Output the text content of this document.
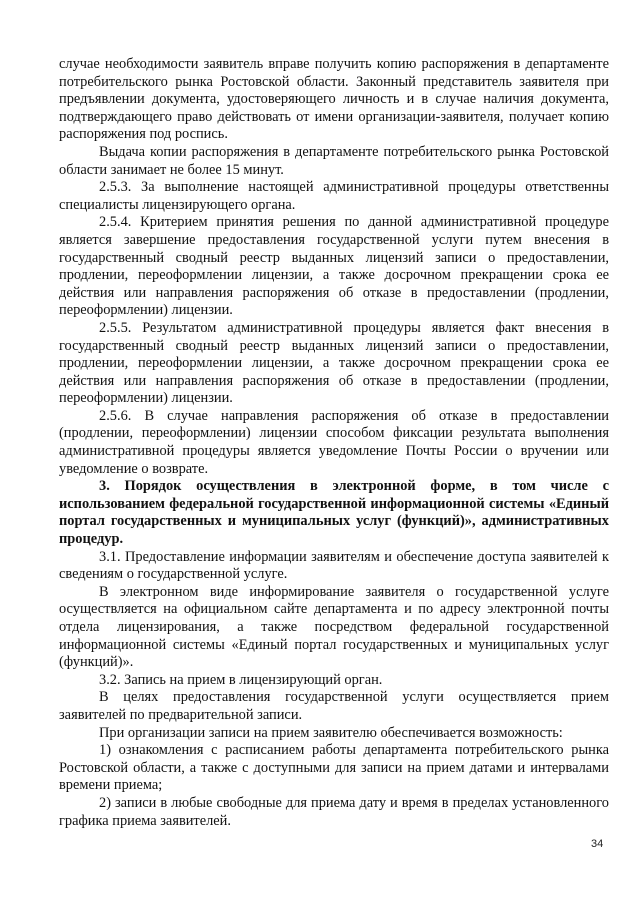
случае необходимости заявитель вправе получить копию распоряжения в департаменте потребительского рынка Ростовской области. Законный представитель заявителя при предъявлении документа, удостоверяющего личность и в случае наличия документа, подтверждающего право действовать от имени организации-заявителя, получает копию распоряжения под роспись.

Выдача копии распоряжения в департаменте потребительского рынка Ростовской области занимает не более 15 минут.

2.5.3. За выполнение настоящей административной процедуры ответственны специалисты лицензирующего органа.

2.5.4. Критерием принятия решения по данной административной процедуре является завершение предоставления государственной услуги путем внесения в государственный сводный реестр выданных лицензий записи о предоставлении, продлении, переоформлении лицензии, а также досрочном прекращении срока ее действия или направления распоряжения об отказе в предоставлении (продлении, переоформлении) лицензии.

2.5.5. Результатом административной процедуры является факт внесения в государственный сводный реестр выданных лицензий записи о предоставлении, продлении, переоформлении лицензии, а также досрочном прекращении срока ее действия или направления распоряжения об отказе в предоставлении (продлении, переоформлении) лицензии.

2.5.6. В случае направления распоряжения об отказе в предоставлении (продлении, переоформлении) лицензии способом фиксации результата выполнения административной процедуры является уведомление Почты России о вручении или уведомление о возврате.

3. Порядок осуществления в электронной форме, в том числе с использованием федеральной государственной информационной системы «Единый портал государственных и муниципальных услуг (функций)», административных процедур.

3.1. Предоставление информации заявителям и обеспечение доступа заявителей к сведениям о государственной услуге.

В электронном виде информирование заявителя о государственной услуге осуществляется на официальном сайте департамента и по адресу электронной почты отдела лицензирования, а также посредством федеральной государственной информационной системы «Единый портал государственных и муниципальных услуг (функций)».

3.2. Запись на прием в лицензирующий орган.

В целях предоставления государственной услуги осуществляется прием заявителей по предварительной записи.

При организации записи на прием заявителю обеспечивается возможность:

1) ознакомления с расписанием работы департамента потребительского рынка Ростовской области, а также с доступными для записи на прием датами и интервалами времени приема;

2) записи в любые свободные для приема дату и время в пределах установленного графика приема заявителей.

34
